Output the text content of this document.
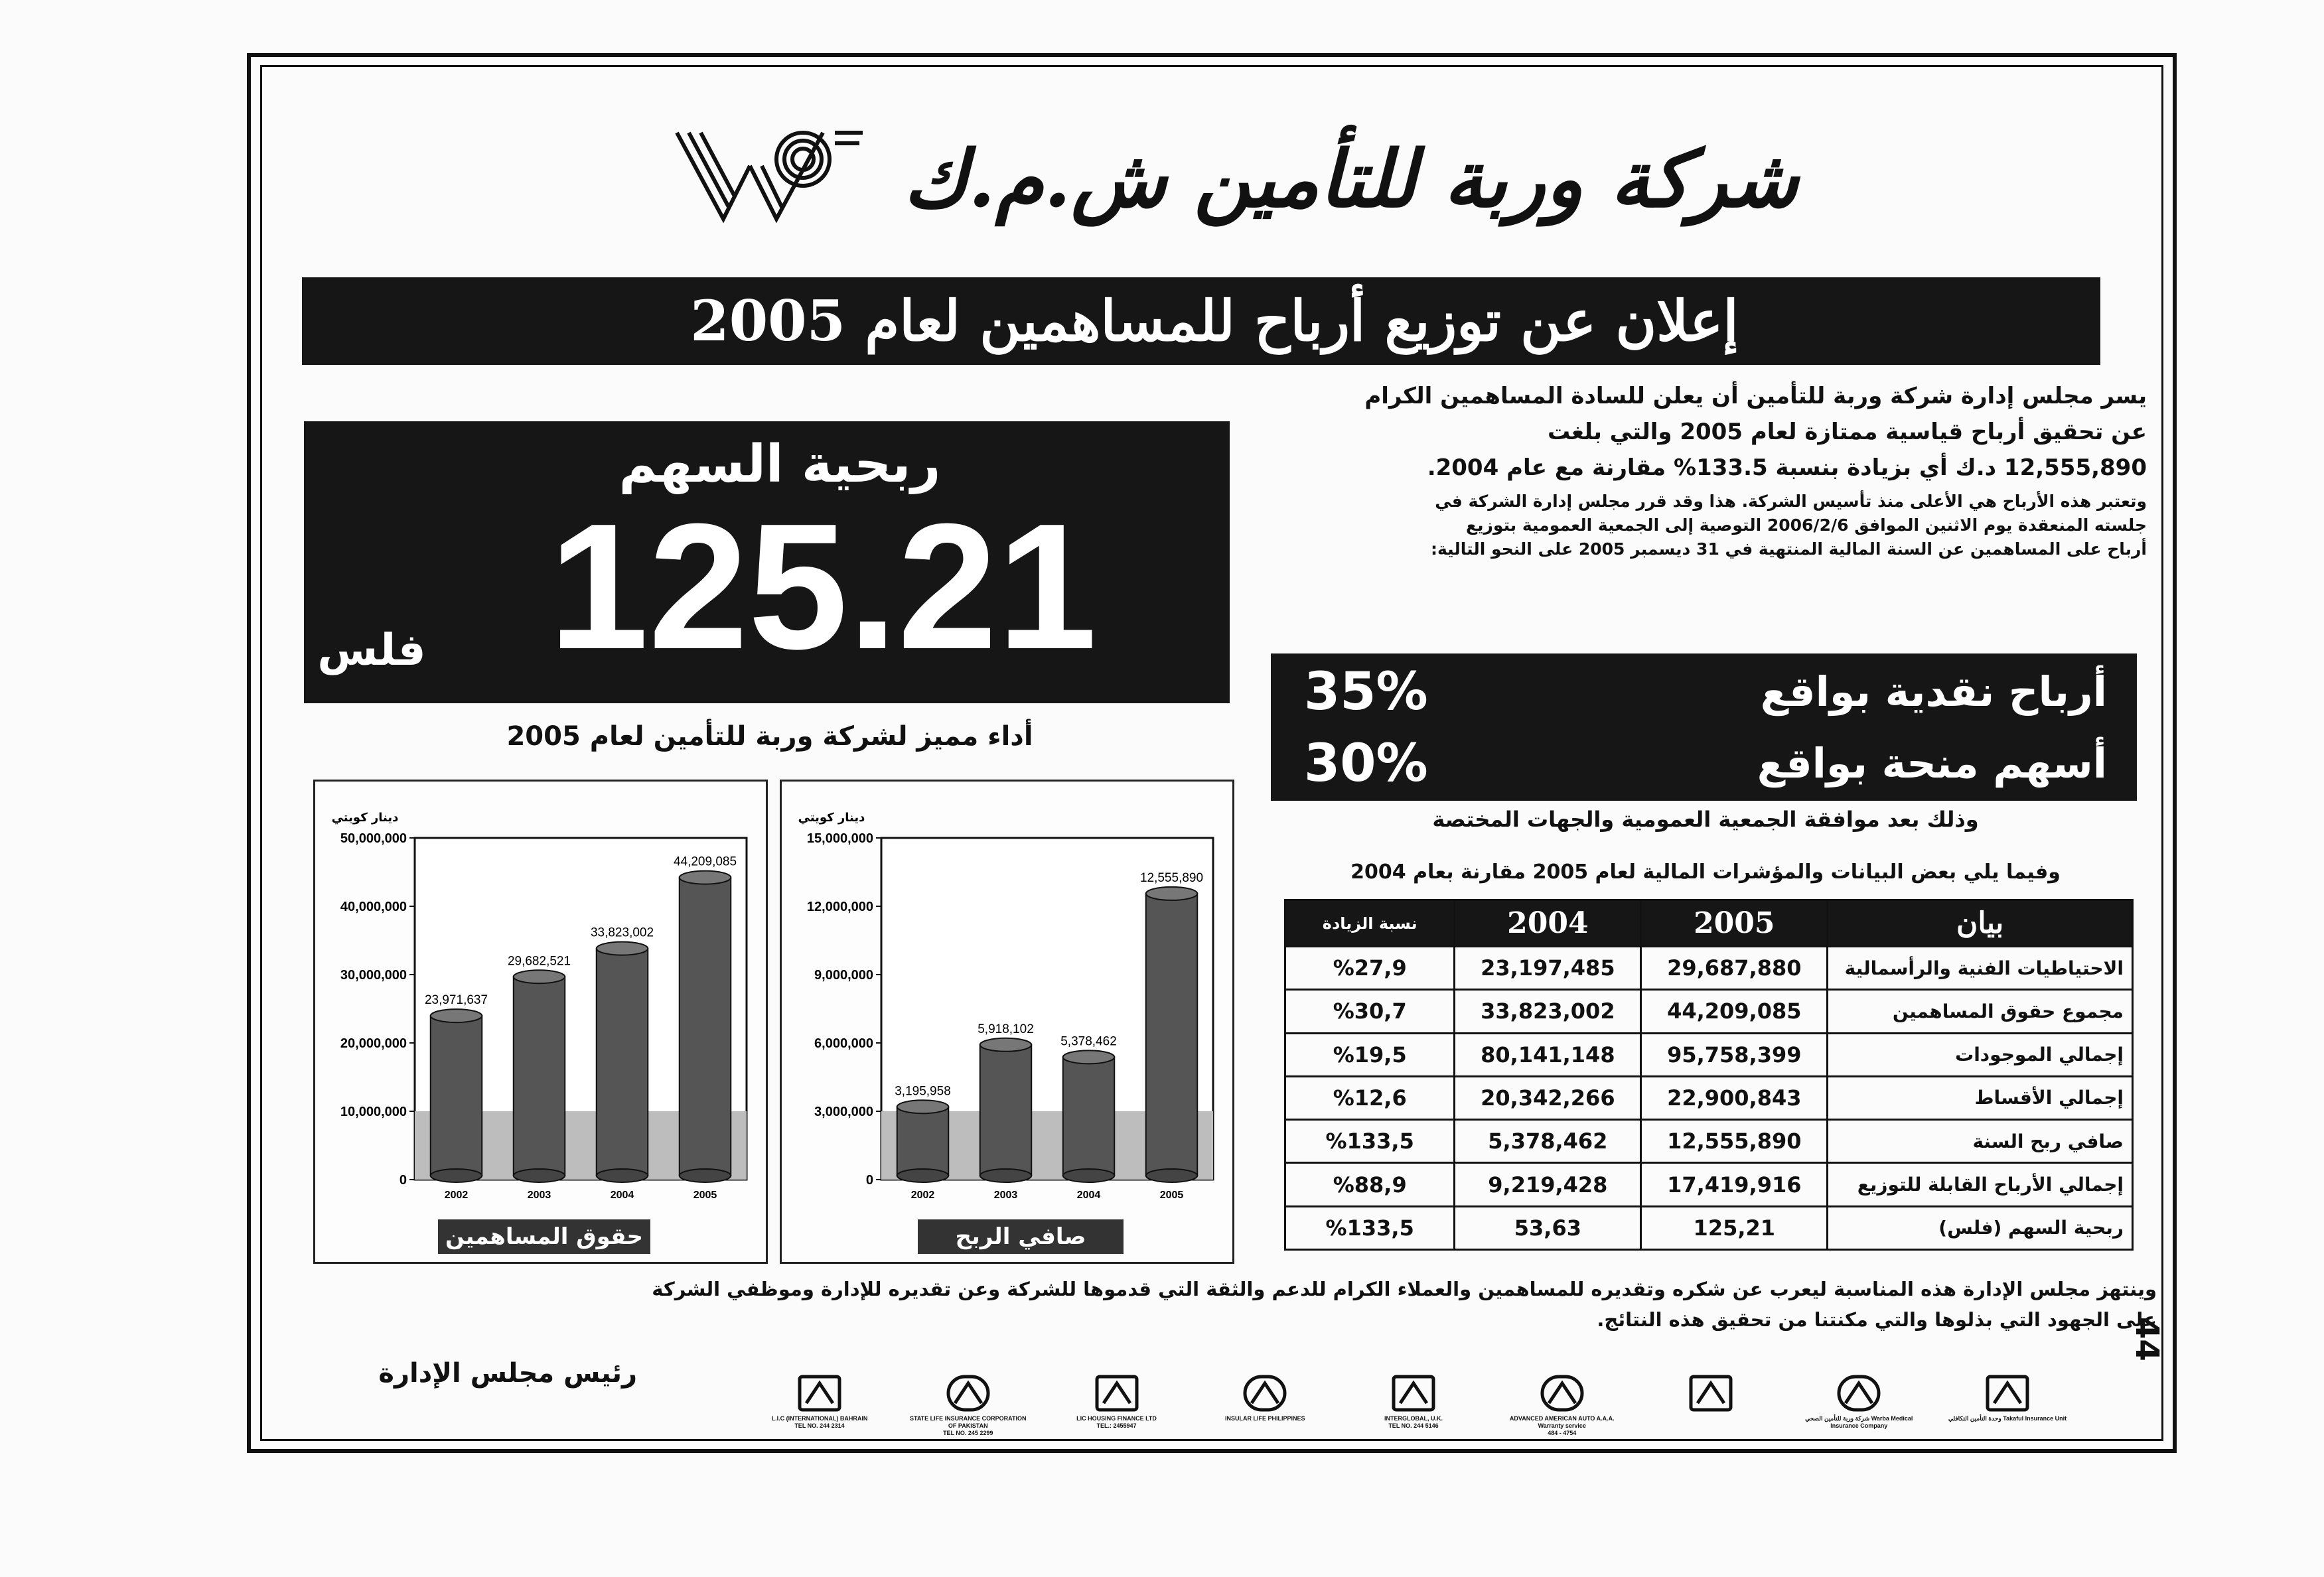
شركة وربة للتأمين ش.م.ك
إعلان عن توزيع أرباح للمساهمين لعام 2005
ربحية السهم
125.21
فلس
أداء مميز لشركة وربة للتأمين لعام 2005
يسر مجلس إدارة شركة وربة للتأمين أن يعلن للسادة المساهمين الكرام
عن تحقيق أرباح قياسية ممتازة لعام 2005 والتي بلغت
12,555,890 د.ك أي بزيادة بنسبة 133.5% مقارنة مع عام 2004.
وتعتبر هذه الأرباح هي الأعلى منذ تأسيس الشركة. هذا وقد قرر مجلس إدارة الشركة في
جلسته المنعقدة يوم الاثنين الموافق 2006/2/6 التوصية إلى الجمعية العمومية بتوزيع
أرباح على المساهمين عن السنة المالية المنتهية في 31 ديسمبر 2005 على النحو التالية:
أرباح نقدية بواقع
35%
أسهم منحة بواقع
30%
وذلك بعد موافقة الجمعية العمومية والجهات المختصة
وفيما يلي بعض البيانات والمؤشرات المالية لعام 2005 مقارنة بعام 2004
نسبة الزيادة	2004	2005	بيان
%27,9	23,197,485	29,687,880	الاحتياطيات الفنية والرأسمالية
%30,7	33,823,002	44,209,085	مجموع حقوق المساهمين
%19,5	80,141,148	95,758,399	إجمالي الموجودات
%12,6	20,342,266	22,900,843	إجمالي الأقساط
%133,5	5,378,462	12,555,890	صافي ربح السنة
%88,9	9,219,428	17,419,916	إجمالي الأرباح القابلة للتوزيع
%133,5	53,63	125,21	ربحية السهم (فلس)
دينار كويتي
0
10,000,000
20,000,000
30,000,000
40,000,000
50,000,000
23,971,637
2002
29,682,521
2003
33,823,002
2004
44,209,085
2005
حقوق المساهمين
دينار كويتي
0
3,000,000
6,000,000
9,000,000
12,000,000
15,000,000
3,195,958
2002
5,918,102
2003
5,378,462
2004
12,555,890
2005
صافي الربح
وينتهز مجلس الإدارة هذه المناسبة ليعرب عن شكره وتقديره للمساهمين والعملاء الكرام للدعم والثقة التي قدموها للشركة وعن تقديره للإدارة وموظفي الشركة
على الجهود التي بذلوها والتي مكنتنا من تحقيق هذه النتائج.
رئيس مجلس الإدارة
44
L.I.C (INTERNATIONAL) BAHRAIN
TEL NO. 244 2314
STATE LIFE INSURANCE CORPORATION OF PAKISTAN
TEL NO. 245 2299
LIC HOUSING FINANCE LTD
TEL.: 2455947
INSULAR LIFE PHILIPPINES	INTERGLOBAL, U.K.
TEL NO. 244 5146
ADVANCED AMERICAN AUTO A.A.A. Warranty service
484 - 4754
شركة وربة للتأمين الصحي Warba Medical Insurance Company
وحدة التأمين التكافلي Takaful Insurance Unit
